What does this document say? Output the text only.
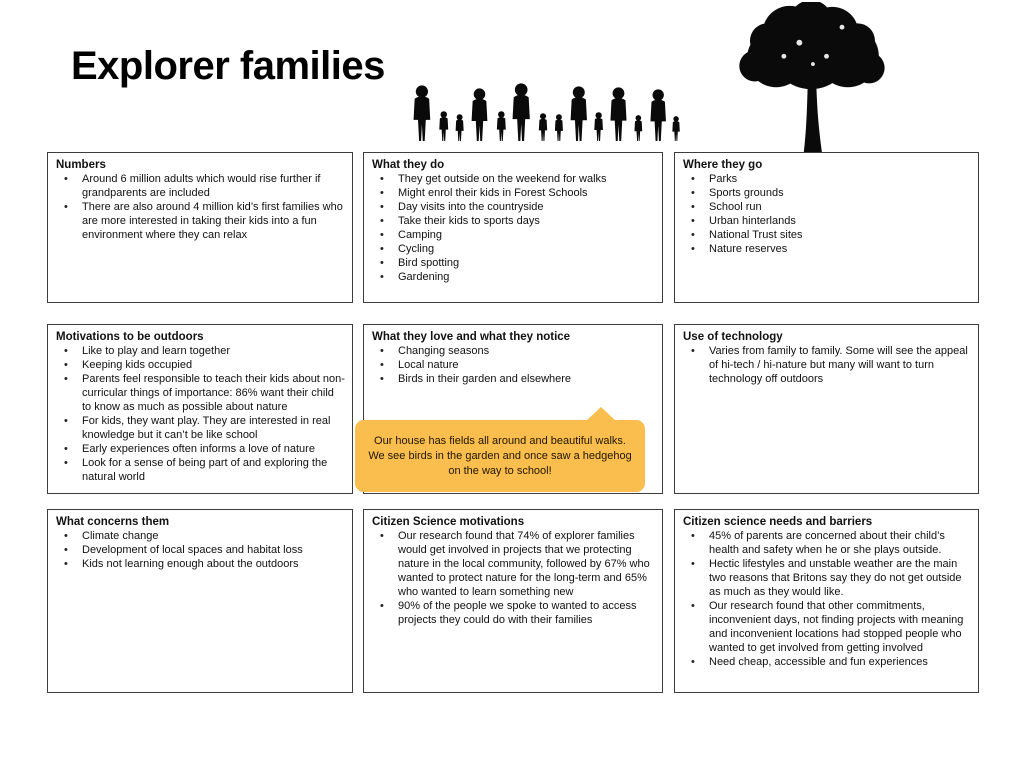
Explorer families
Numbers
• Around 6 million adults which would rise further if grandparents are included
• There are also around 4 million kid’s first families who are more interested in taking their kids into a fun environment where they can relax
What they do
• They get outside on the weekend for walks
• Might enrol their kids in Forest Schools
• Day visits into the countryside
• Take their kids to sports days
• Camping
• Cycling
• Bird spotting
• Gardening
Where they go
• Parks
• Sports grounds
• School run
• Urban hinterlands
• National Trust sites
• Nature reserves
Motivations to be outdoors
• Like to play and learn together
• Keeping kids occupied
• Parents feel responsible to teach their kids about non-curricular things of importance: 86% want their child to know as much as possible about nature
• For kids, they want play. They are interested in real knowledge but it can’t be like school
• Early experiences often informs a love of nature
• Look for a sense of being part of and exploring the natural world
What they love and what they notice
• Changing seasons
• Local nature
• Birds in their garden and elsewhere
Use of technology
• Varies from family to family. Some will see the appeal of hi-tech / hi-nature but many will want to turn technology off outdoors
What concerns them
• Climate change
• Development of local spaces and habitat loss
• Kids not learning enough about the outdoors
Citizen Science motivations
• Our research found that 74% of explorer families would get involved in projects that we protecting nature in the local community, followed by 67% who wanted to protect nature for the long-term and 65% who wanted to learn something new
• 90% of the people we spoke to wanted to access projects they could do with their families
Citizen science needs and barriers
• 45% of parents are concerned about their child’s health and safety when he or she plays outside.
• Hectic lifestyles and unstable weather are the main two reasons that Britons say they do not get outside as much as they would like.
• Our research found that other commitments, inconvenient days, not finding projects with meaning and inconvenient locations had stopped people who wanted to get involved from getting involved
• Need cheap, accessible and fun experiences
Our house has fields all around and beautiful walks. We see birds in the garden and once saw a hedgehog on the way to school!
